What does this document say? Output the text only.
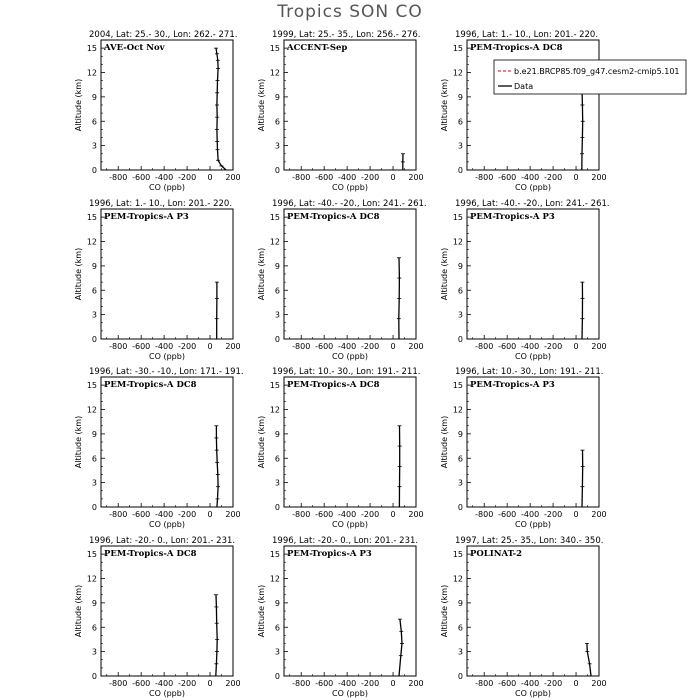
Tropics SON CO
2004, Lat: 25.- 30., Lon: 262.- 271.
AVE-Oct Nov
-800 -600 -400 -200 0 200
0
3
6
9
12
15
CO (ppb)
Altitude (km)
1999, Lat: 25.- 35., Lon: 256.- 276.
ACCENT-Sep
-800 -600 -400 -200 0 200
0
3
6
9
12
15
CO (ppb)
Altitude (km)
1996, Lat: 1.- 10., Lon: 201.- 220.
PEM-Tropics-A DC8
-800 -600 -400 -200 0 200
0
3
6
9
12
15
CO (ppb)
Altitude (km)
1996, Lat: 1.- 10., Lon: 201.- 220.
PEM-Tropics-A P3
-800 -600 -400 -200 0 200
0
3
6
9
12
15
CO (ppb)
Altitude (km)
1996, Lat: -40.- -20., Lon: 241.- 261.
PEM-Tropics-A DC8
-800 -600 -400 -200 0 200
0
3
6
9
12
15
CO (ppb)
Altitude (km)
1996, Lat: -40.- -20., Lon: 241.- 261.
PEM-Tropics-A P3
-800 -600 -400 -200 0 200
0
3
6
9
12
15
CO (ppb)
Altitude (km)
1996, Lat: -30.- -10., Lon: 171.- 191.
PEM-Tropics-A DC8
-800 -600 -400 -200 0 200
0
3
6
9
12
15
CO (ppb)
Altitude (km)
1996, Lat: 10.- 30., Lon: 191.- 211.
PEM-Tropics-A DC8
-800 -600 -400 -200 0 200
0
3
6
9
12
15
CO (ppb)
Altitude (km)
1996, Lat: 10.- 30., Lon: 191.- 211.
PEM-Tropics-A P3
-800 -600 -400 -200 0 200
0
3
6
9
12
15
CO (ppb)
Altitude (km)
1996, Lat: -20.- 0., Lon: 201.- 231.
PEM-Tropics-A DC8
-800 -600 -400 -200 0 200
0
3
6
9
12
15
CO (ppb)
Altitude (km)
1996, Lat: -20.- 0., Lon: 201.- 231.
PEM-Tropics-A P3
-800 -600 -400 -200 0 200
0
3
6
9
12
15
CO (ppb)
Altitude (km)
1997, Lat: 25.- 35., Lon: 340.- 350.
POLINAT-2
-800 -600 -400 -200 0 200
0
3
6
9
12
15
CO (ppb)
Altitude (km)
b.e21.BRCP85.f09_g47.cesm2-cmip5.101
Data
